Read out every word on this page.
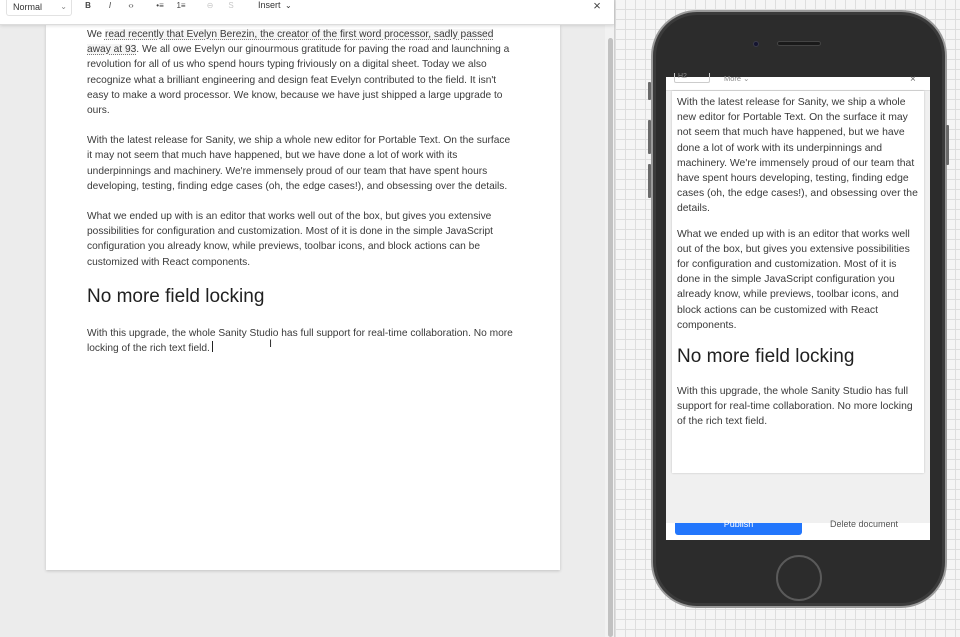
Normal ⌄	B	I	‹›	•≡ 1≡	⊖	S	Insert ⌄	×

We read recently that Evelyn Berezin, the creator of the first word processor, sadly passed away at 93. We all owe Evelyn our ginourmous gratitude for paving the road and launchning a revolution for all of us who spend hours typing friviously on a digital sheet. Today we also recognize what a brilliant engineering and design feat Evelyn contributed to the field. It isn't easy to make a word processor. We know, because we have just shipped a large upgrade to ours.

With the latest release for Sanity, we ship a whole new editor for Portable Text. On the surface it may not seem that much have happened, but we have done a lot of work with its underpinnings and machinery. We're immensely proud of our team that have spent hours developing, testing, finding edge cases (oh, the edge cases!), and obsessing over the details.

What we ended up with is an editor that works well out of the box, but gives you extensive possibilities for configuration and customization. Most of it is done in the simple JavaScript configuration you already know, while previews, toolbar icons, and block actions can be customized with React components.

No more field locking

With this upgrade, the whole Sanity Studio has full support for real-time collaboration. No more locking of the rich text field.	I
H2	More ⌄	×

With the latest release for Sanity, we ship a whole new editor for Portable Text. On the surface it may not seem that much have happened, but we have done a lot of work with its underpinnings and machinery. We're immensely proud of our team that have spent hours developing, testing, finding edge cases (oh, the edge cases!), and obsessing over the details.

What we ended up with is an editor that works well out of the box, but gives you extensive possibilities for configuration and customization. Most of it is done in the simple JavaScript configuration you already know, while previews, toolbar icons, and block actions can be customized with React components.

No more field locking

With this upgrade, the whole Sanity Studio has full support for real-time collaboration. No more locking of the rich text field.

Publish	Delete document
